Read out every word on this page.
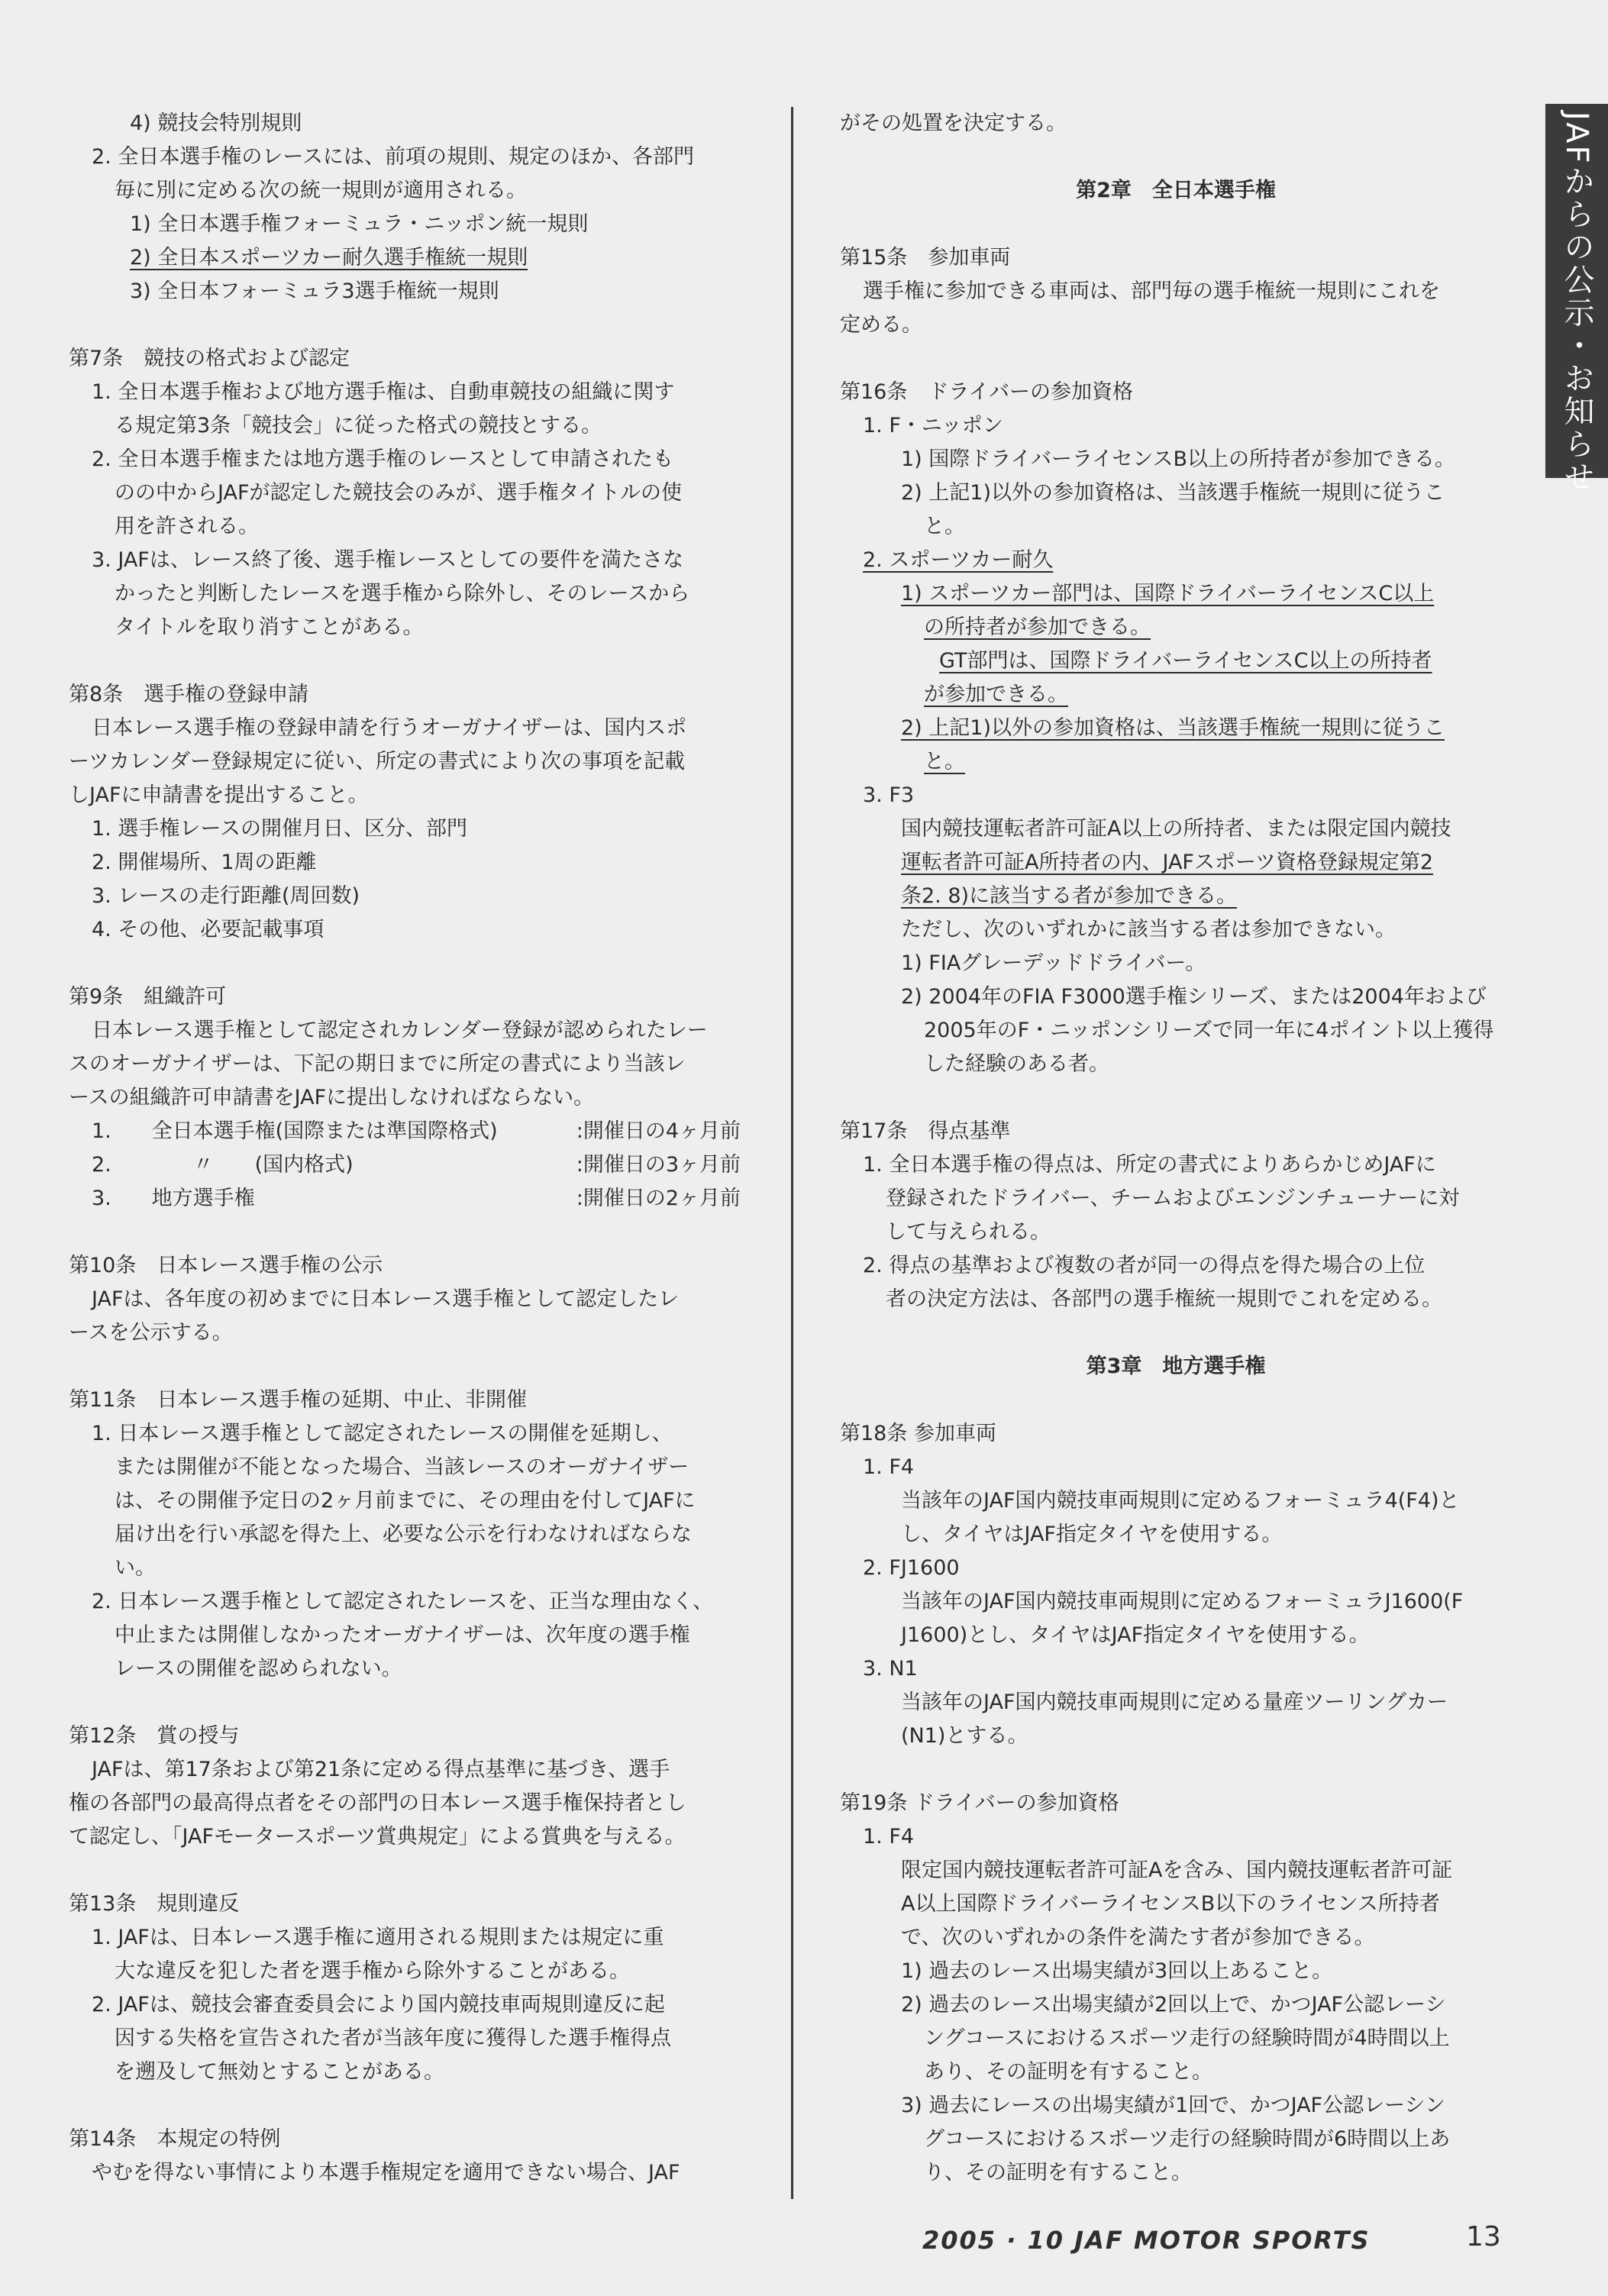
JAFからの公示・お知らせ
4) 競技会特別規則
2. 全日本選手権のレースには、前項の規則、規定のほか、各部門
毎に別に定める次の統一規則が適用される。
1) 全日本選手権フォーミュラ・ニッポン統一規則
2) 全日本スポーツカー耐久選手権統一規則
3) 全日本フォーミュラ3選手権統一規則
第7条　競技の格式および認定
1. 全日本選手権および地方選手権は、自動車競技の組織に関す
る規定第3条「競技会」に従った格式の競技とする。
2. 全日本選手権または地方選手権のレースとして申請されたも
のの中からJAFが認定した競技会のみが、選手権タイトルの使
用を許される。
3. JAFは、レース終了後、選手権レースとしての要件を満たさな
かったと判断したレースを選手権から除外し、そのレースから
タイトルを取り消すことがある。
第8条　選手権の登録申請
日本レース選手権の登録申請を行うオーガナイザーは、国内スポ
ーツカレンダー登録規定に従い、所定の書式により次の事項を記載
しJAFに申請書を提出すること。
1. 選手権レースの開催月日、区分、部門
2. 開催場所、1周の距離
3. レースの走行距離(周回数)
4. その他、必要記載事項
第9条　組織許可
日本レース選手権として認定されカレンダー登録が認められたレー
スのオーガナイザーは、下記の期日までに所定の書式により当該レ
ースの組織許可申請書をJAFに提出しなければならない。
1.	全日本選手権(国際または準国際格式)	:開催日の4ヶ月前
2.	　　〃　　(国内格式)	:開催日の3ヶ月前
3.	地方選手権	:開催日の2ヶ月前
第10条　日本レース選手権の公示
JAFは、各年度の初めまでに日本レース選手権として認定したレ
ースを公示する。
第11条　日本レース選手権の延期、中止、非開催
1. 日本レース選手権として認定されたレースの開催を延期し、
または開催が不能となった場合、当該レースのオーガナイザー
は、その開催予定日の2ヶ月前までに、その理由を付してJAFに
届け出を行い承認を得た上、必要な公示を行わなければならな
い。
2. 日本レース選手権として認定されたレースを、正当な理由なく、
中止または開催しなかったオーガナイザーは、次年度の選手権
レースの開催を認められない。
第12条　賞の授与
JAFは、第17条および第21条に定める得点基準に基づき、選手
権の各部門の最高得点者をその部門の日本レース選手権保持者とし
て認定し、「JAFモータースポーツ賞典規定」による賞典を与える。
第13条　規則違反
1. JAFは、日本レース選手権に適用される規則または規定に重
大な違反を犯した者を選手権から除外することがある。
2. JAFは、競技会審査委員会により国内競技車両規則違反に起
因する失格を宣告された者が当該年度に獲得した選手権得点
を遡及して無効とすることがある。
第14条　本規定の特例
やむを得ない事情により本選手権規定を適用できない場合、JAF
がその処置を決定する。
第2章　全日本選手権
第15条　参加車両
選手権に参加できる車両は、部門毎の選手権統一規則にこれを
定める。
第16条　ドライバーの参加資格
1. F・ニッポン
1) 国際ドライバーライセンスB以上の所持者が参加できる。
2) 上記1)以外の参加資格は、当該選手権統一規則に従うこ
と。
2. スポーツカー耐久
1) スポーツカー部門は、国際ドライバーライセンスC以上
の所持者が参加できる。
GT部門は、国際ドライバーライセンスC以上の所持者
が参加できる。
2) 上記1)以外の参加資格は、当該選手権統一規則に従うこ
と。
3. F3
国内競技運転者許可証A以上の所持者、または限定国内競技
運転者許可証A所持者の内、JAFスポーツ資格登録規定第2
条2. 8)に該当する者が参加できる。
ただし、次のいずれかに該当する者は参加できない。
1) FIAグレーデッドドライバー。
2) 2004年のFIA F3000選手権シリーズ、または2004年および
2005年のF・ニッポンシリーズで同一年に4ポイント以上獲得
した経験のある者。
第17条　得点基準
1. 全日本選手権の得点は、所定の書式によりあらかじめJAFに
登録されたドライバー、チームおよびエンジンチューナーに対
して与えられる。
2. 得点の基準および複数の者が同一の得点を得た場合の上位
者の決定方法は、各部門の選手権統一規則でこれを定める。
第3章　地方選手権
第18条 参加車両
1. F4
当該年のJAF国内競技車両規則に定めるフォーミュラ4(F4)と
し、タイヤはJAF指定タイヤを使用する。
2. FJ1600
当該年のJAF国内競技車両規則に定めるフォーミュラJ1600(F
J1600)とし、タイヤはJAF指定タイヤを使用する。
3. N1
当該年のJAF国内競技車両規則に定める量産ツーリングカー
(N1)とする。
第19条 ドライバーの参加資格
1. F4
限定国内競技運転者許可証Aを含み、国内競技運転者許可証
A以上国際ドライバーライセンスB以下のライセンス所持者
で、次のいずれかの条件を満たす者が参加できる。
1) 過去のレース出場実績が3回以上あること。
2) 過去のレース出場実績が2回以上で、かつJAF公認レーシ
ングコースにおけるスポーツ走行の経験時間が4時間以上
あり、その証明を有すること。
3) 過去にレースの出場実績が1回で、かつJAF公認レーシン
グコースにおけるスポーツ走行の経験時間が6時間以上あ
り、その証明を有すること。
2005 · 10 JAF MOTOR SPORTS	13
